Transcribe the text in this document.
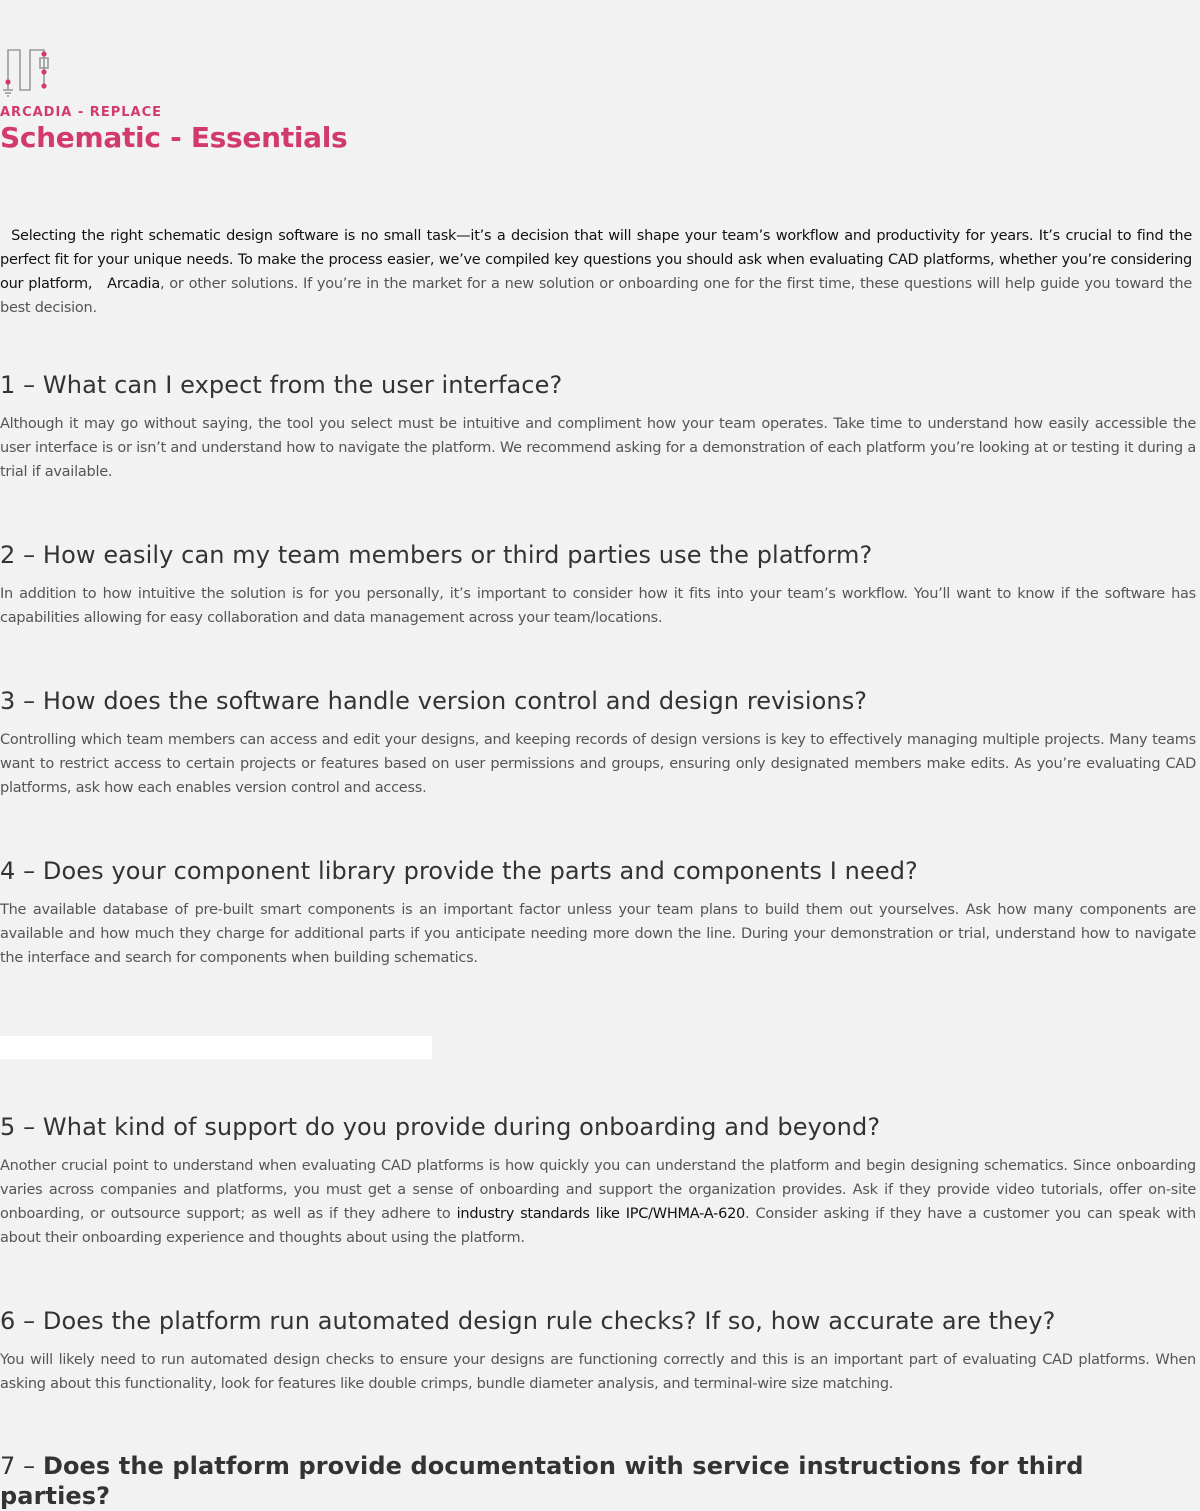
ARCADIA - REPLACE
Schematic - Essentials
Selecting the right schematic design software is no small task—it’s a decision that will shape your team’s workflow and productivity for years. It’s crucial to find the perfect fit for your unique needs. To make the process easier, we’ve compiled key questions you should ask when evaluating CAD platforms, whether you’re considering our platform, Arcadia, or other solutions. If you’re in the market for a new solution or onboarding one for the first time, these questions will help guide you toward the best decision.
1 – What can I expect from the user interface?

Although it may go without saying, the tool you select must be intuitive and compliment how your team operates. Take time to understand how easily accessible the user interface is or isn’t and understand how to navigate the platform. We recommend asking for a demonstration of each platform you’re looking at or testing it during a trial if available.

2 – How easily can my team members or third parties use the platform?

In addition to how intuitive the solution is for you personally, it’s important to consider how it fits into your team’s workflow. You’ll want to know if the software has capabilities allowing for easy collaboration and data management across your team/locations.

3 – How does the software handle version control and design revisions?

Controlling which team members can access and edit your designs, and keeping records of design versions is key to effectively managing multiple projects. Many teams want to restrict access to certain projects or features based on user permissions and groups, ensuring only designated members make edits. As you’re evaluating CAD platforms, ask how each enables version control and access.

4 – Does your component library provide the parts and components I need?

The available database of pre-built smart components is an important factor unless your team plans to build them out yourselves. Ask how many components are available and how much they charge for additional parts if you anticipate needing more down the line. During your demonstration or trial, understand how to navigate the interface and search for components when building schematics.

5 – What kind of support do you provide during onboarding and beyond?

Another crucial point to understand when evaluating CAD platforms is how quickly you can understand the platform and begin designing schematics. Since onboarding varies across companies and platforms, you must get a sense of onboarding and support the organization provides. Ask if they provide video tutorials, offer on-site onboarding, or outsource support; as well as if they adhere to industry standards like IPC/WHMA-A-620. Consider asking if they have a customer you can speak with about their onboarding experience and thoughts about using the platform.

6 – Does the platform run automated design rule checks? If so, how accurate are they?

You will likely need to run automated design checks to ensure your designs are functioning correctly and this is an important part of evaluating CAD platforms. When asking about this functionality, look for features like double crimps, bundle diameter analysis, and terminal-wire size matching.

7 – Does the platform provide documentation with service instructions for third parties?
